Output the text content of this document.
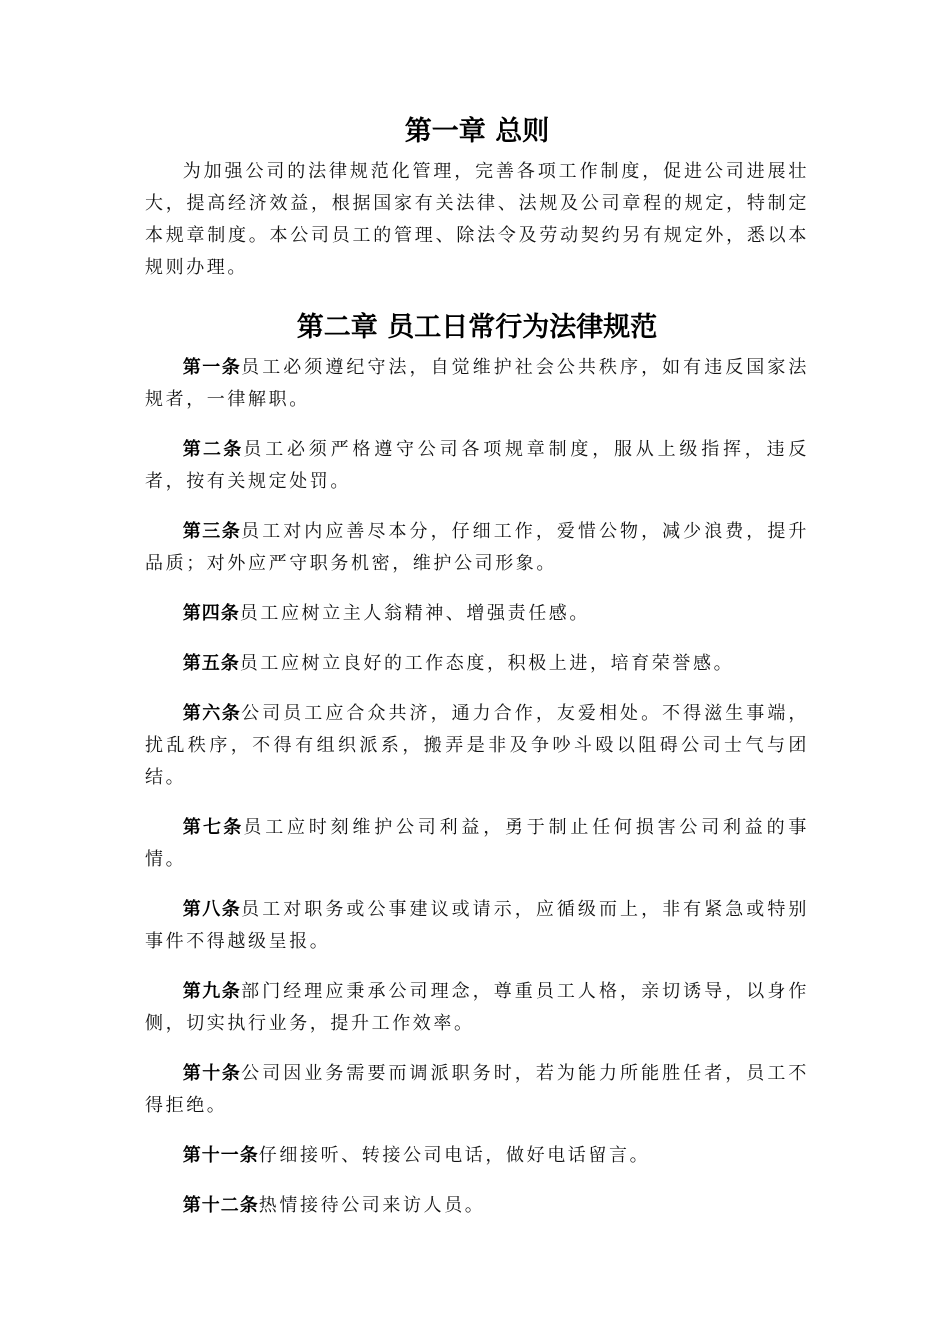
第一章 总则

为加强公司的法律规范化管理，完善各项工作制度，促进公司进展壮大，提高经济效益，根据国家有关法律、法规及公司章程的规定，特制定本规章制度。本公司员工的管理、除法令及劳动契约另有规定外，悉以本规则办理。

第二章 员工日常行为法律规范

第一条员工必须遵纪守法，自觉维护社会公共秩序，如有违反国家法规者，一律解职。

第二条员工必须严格遵守公司各项规章制度，服从上级指挥，违反者，按有关规定处罚。

第三条员工对内应善尽本分，仔细工作，爱惜公物，减少浪费，提升品质；对外应严守职务机密，维护公司形象。

第四条员工应树立主人翁精神、增强责任感。

第五条员工应树立良好的工作态度，积极上进，培育荣誉感。

第六条公司员工应合众共济，通力合作，友爱相处。不得滋生事端，扰乱秩序，不得有组织派系，搬弄是非及争吵斗殴以阻碍公司士气与团结。

第七条员工应时刻维护公司利益，勇于制止任何损害公司利益的事情。

第八条员工对职务或公事建议或请示，应循级而上，非有紧急或特别事件不得越级呈报。

第九条部门经理应秉承公司理念，尊重员工人格，亲切诱导，以身作侧，切实执行业务，提升工作效率。

第十条公司因业务需要而调派职务时，若为能力所能胜任者，员工不得拒绝。

第十一条仔细接听、转接公司电话，做好电话留言。

第十二条热情接待公司来访人员。
